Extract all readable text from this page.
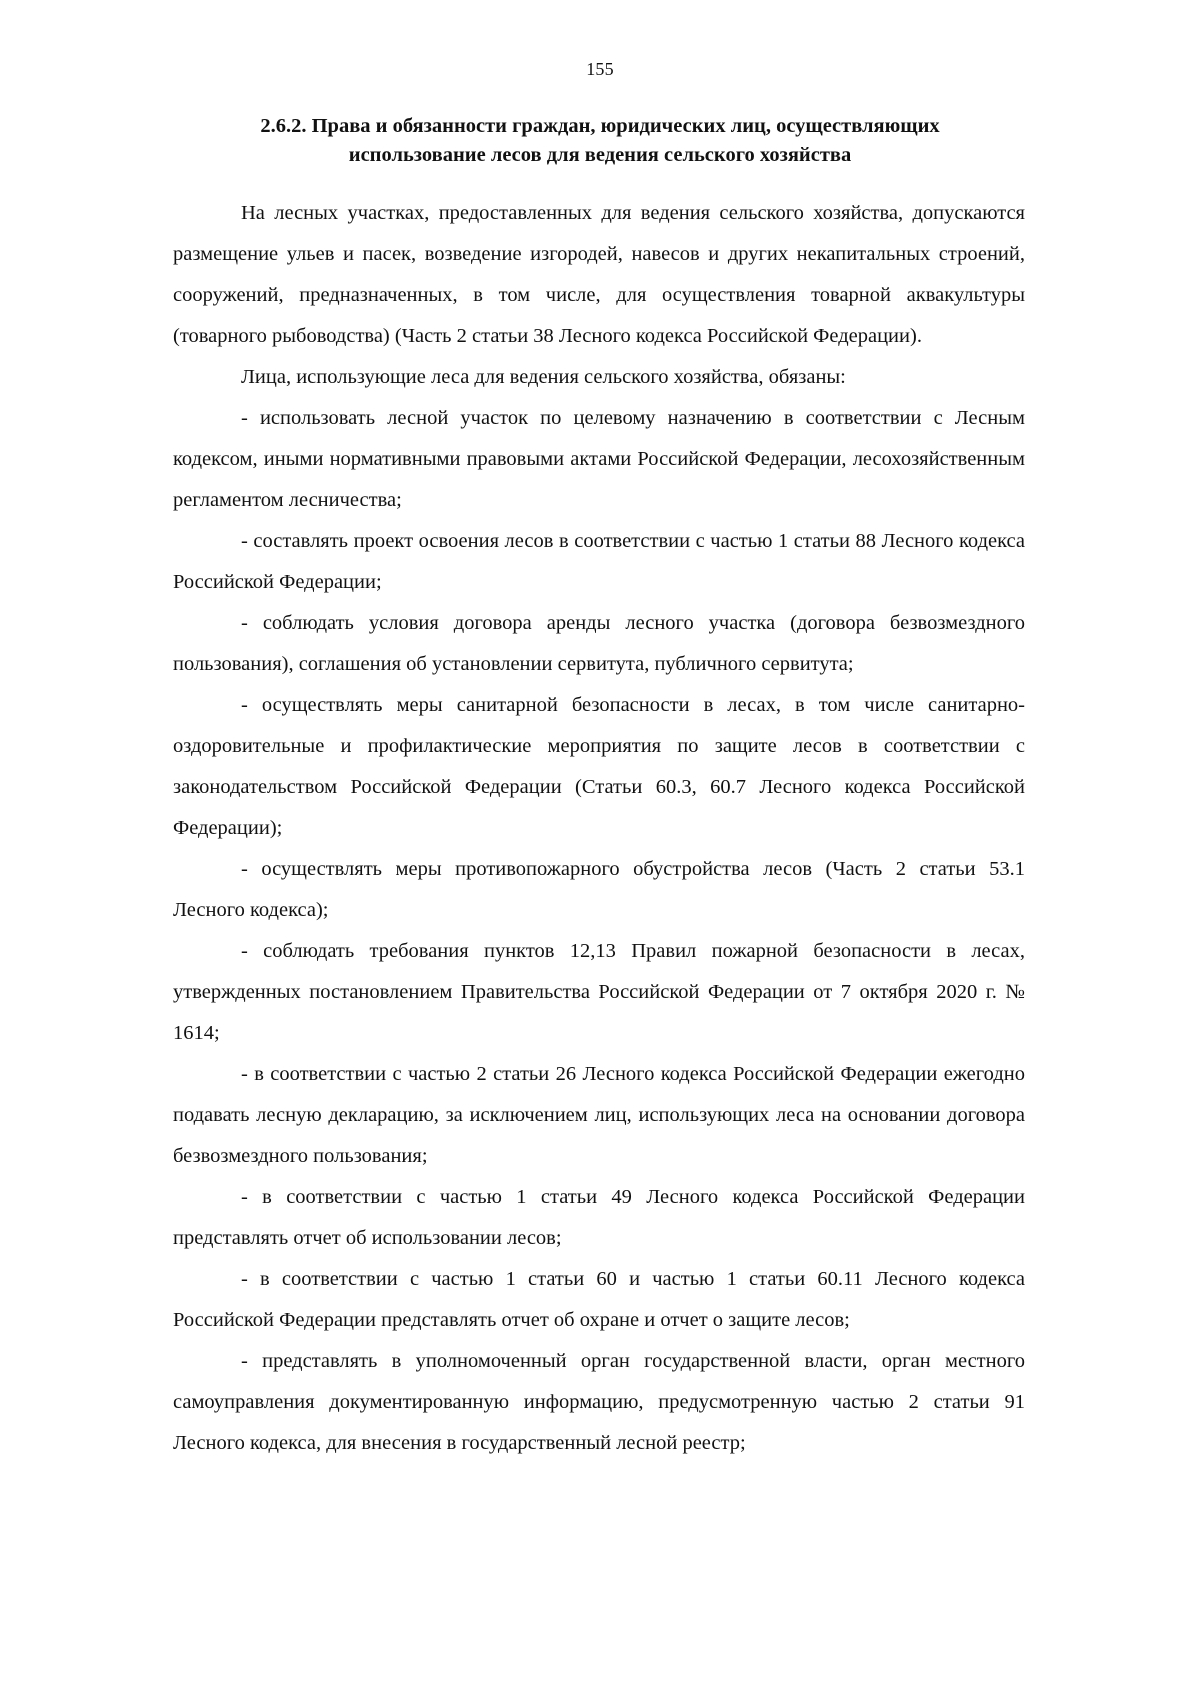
155
2.6.2. Права и обязанности граждан, юридических лиц, осуществляющих
использование лесов для ведения сельского хозяйства

На лесных участках, предоставленных для ведения сельского хозяйства, допускаются размещение ульев и пасек, возведение изгородей, навесов и других некапитальных строений, сооружений, предназначенных, в том числе, для осуществления товарной аквакультуры (товарного рыбоводства) (Часть 2 статьи 38 Лесного кодекса Российской Федерации).

Лица, использующие леса для ведения сельского хозяйства, обязаны:

- использовать лесной участок по целевому назначению в соответствии с Лесным кодексом, иными нормативными правовыми актами Российской Федерации, лесохозяйственным регламентом лесничества;

- составлять проект освоения лесов в соответствии с частью 1 статьи 88 Лесного кодекса Российской Федерации;

- соблюдать условия договора аренды лесного участка (договора безвозмездного пользования), соглашения об установлении сервитута, публичного сервитута;

- осуществлять меры санитарной безопасности в лесах, в том числе санитарно-оздоровительные и профилактические мероприятия по защите лесов в соответствии с законодательством Российской Федерации (Статьи 60.3, 60.7 Лесного кодекса Российской Федерации);

- осуществлять меры противопожарного обустройства лесов (Часть 2 статьи 53.1 Лесного кодекса);

- соблюдать требования пунктов 12,13 Правил пожарной безопасности в лесах, утвержденных постановлением Правительства Российской Федерации от 7 октября 2020 г. № 1614;

- в соответствии с частью 2 статьи 26 Лесного кодекса Российской Федерации ежегодно подавать лесную декларацию, за исключением лиц, использующих леса на основании договора безвозмездного пользования;

- в соответствии с частью 1 статьи 49 Лесного кодекса Российской Федерации представлять отчет об использовании лесов;

- в соответствии с частью 1 статьи 60 и частью 1 статьи 60.11 Лесного кодекса Российской Федерации представлять отчет об охране и отчет о защите лесов;

- представлять в уполномоченный орган государственной власти, орган местного самоуправления документированную информацию, предусмотренную частью 2 статьи 91 Лесного кодекса, для внесения в государственный лесной реестр;
